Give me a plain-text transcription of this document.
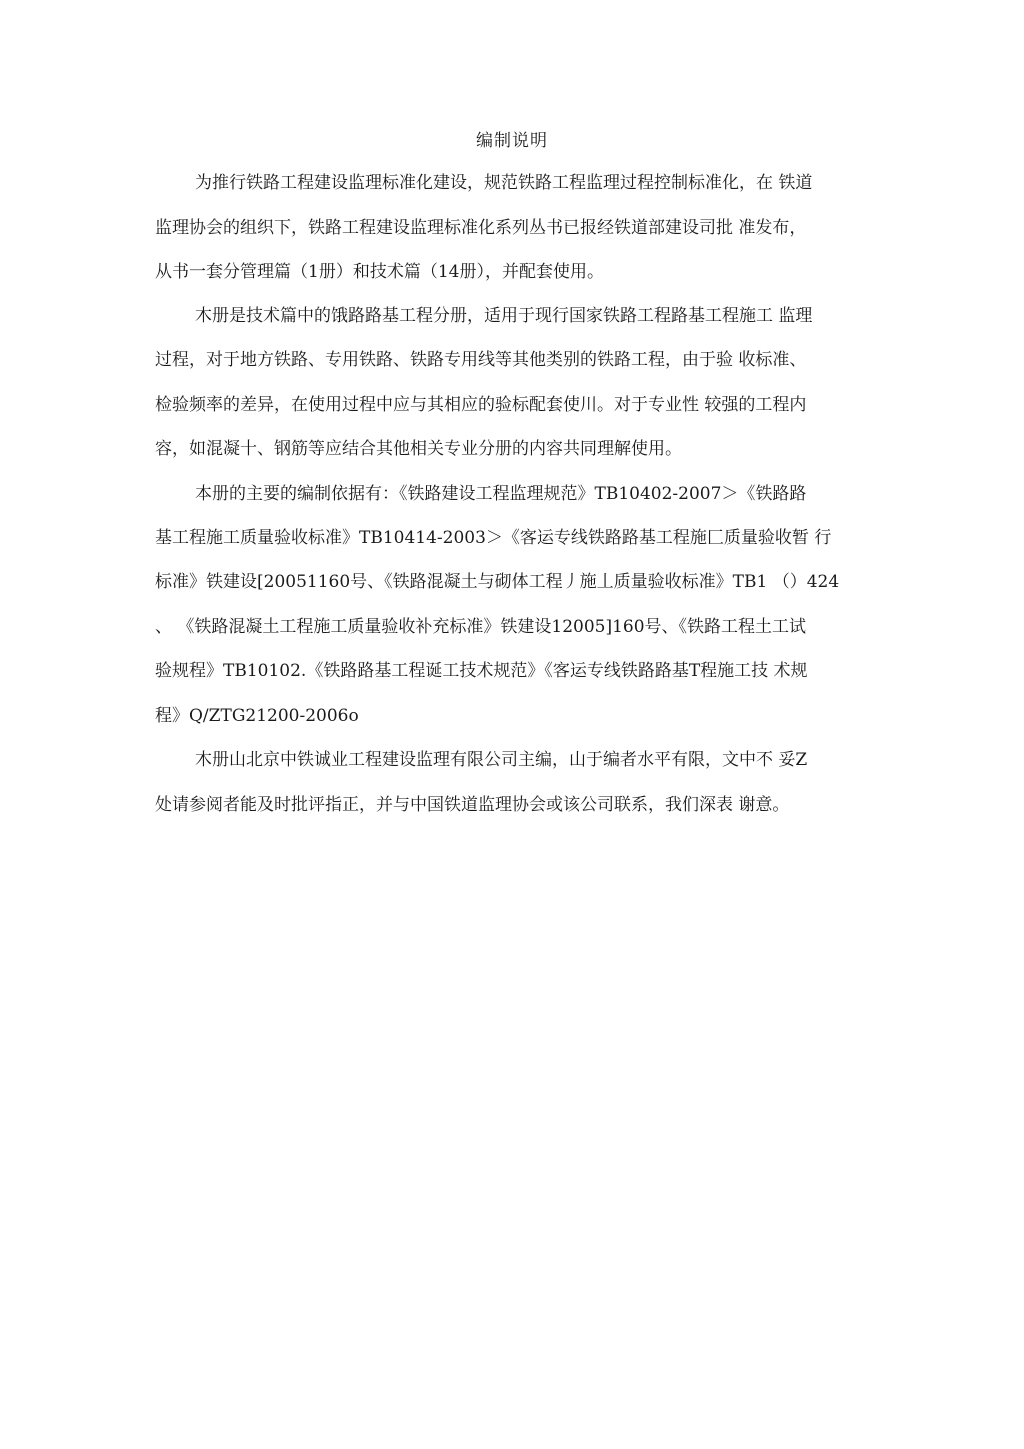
编制说明
为推行铁路工程建设监理标准化建设，规范铁路工程监理过程控制标准化，在 铁道
监理协会的组织下，铁路工程建设监理标准化系列丛书已报经铁道部建设司批 准发布，
从书一套分管理篇（1册）和技术篇（14册），并配套使用。
木册是技术篇中的饿路路基工程分册，适用于现行国家铁路工程路基工程施工 监理
过程，对于地方铁路、专用铁路、铁路专用线等其他类别的铁路工程，由于验 收标准、
检验频率的差异，在使用过程中应与其相应的验标配套使川。对于专业性 较强的工程内
容，如混凝十、钢筋等应结合其他相关专业分册的内容共同理解使用。
本册的主要的编制依据有：《铁路建设工程监理规范》TB10402-2007＞《铁路路
基工程施工质量验收标准》TB10414-2003＞《客运专线铁路路基工程施匚质量验收暂 行
标准》铁建设[20051160号、《铁路混凝土与砌体工程丿施丄质量验收标准》TB1 （）424
、 《铁路混凝土工程施工质量验收补充标准》铁建设12005]160号、《铁路工程土工试
验规程》TB10102.《铁路路基工程诞工技术规范》《客运专线铁路路基T程施工技 术规
程》Q/ZTG21200-2006o
木册山北京中铁诚业工程建设监理有限公司主编，山于编者水平有限，文中不 妥Z
处请参阅者能及时批评指正，并与中国铁道监理协会或该公司联系，我们深表 谢意。
